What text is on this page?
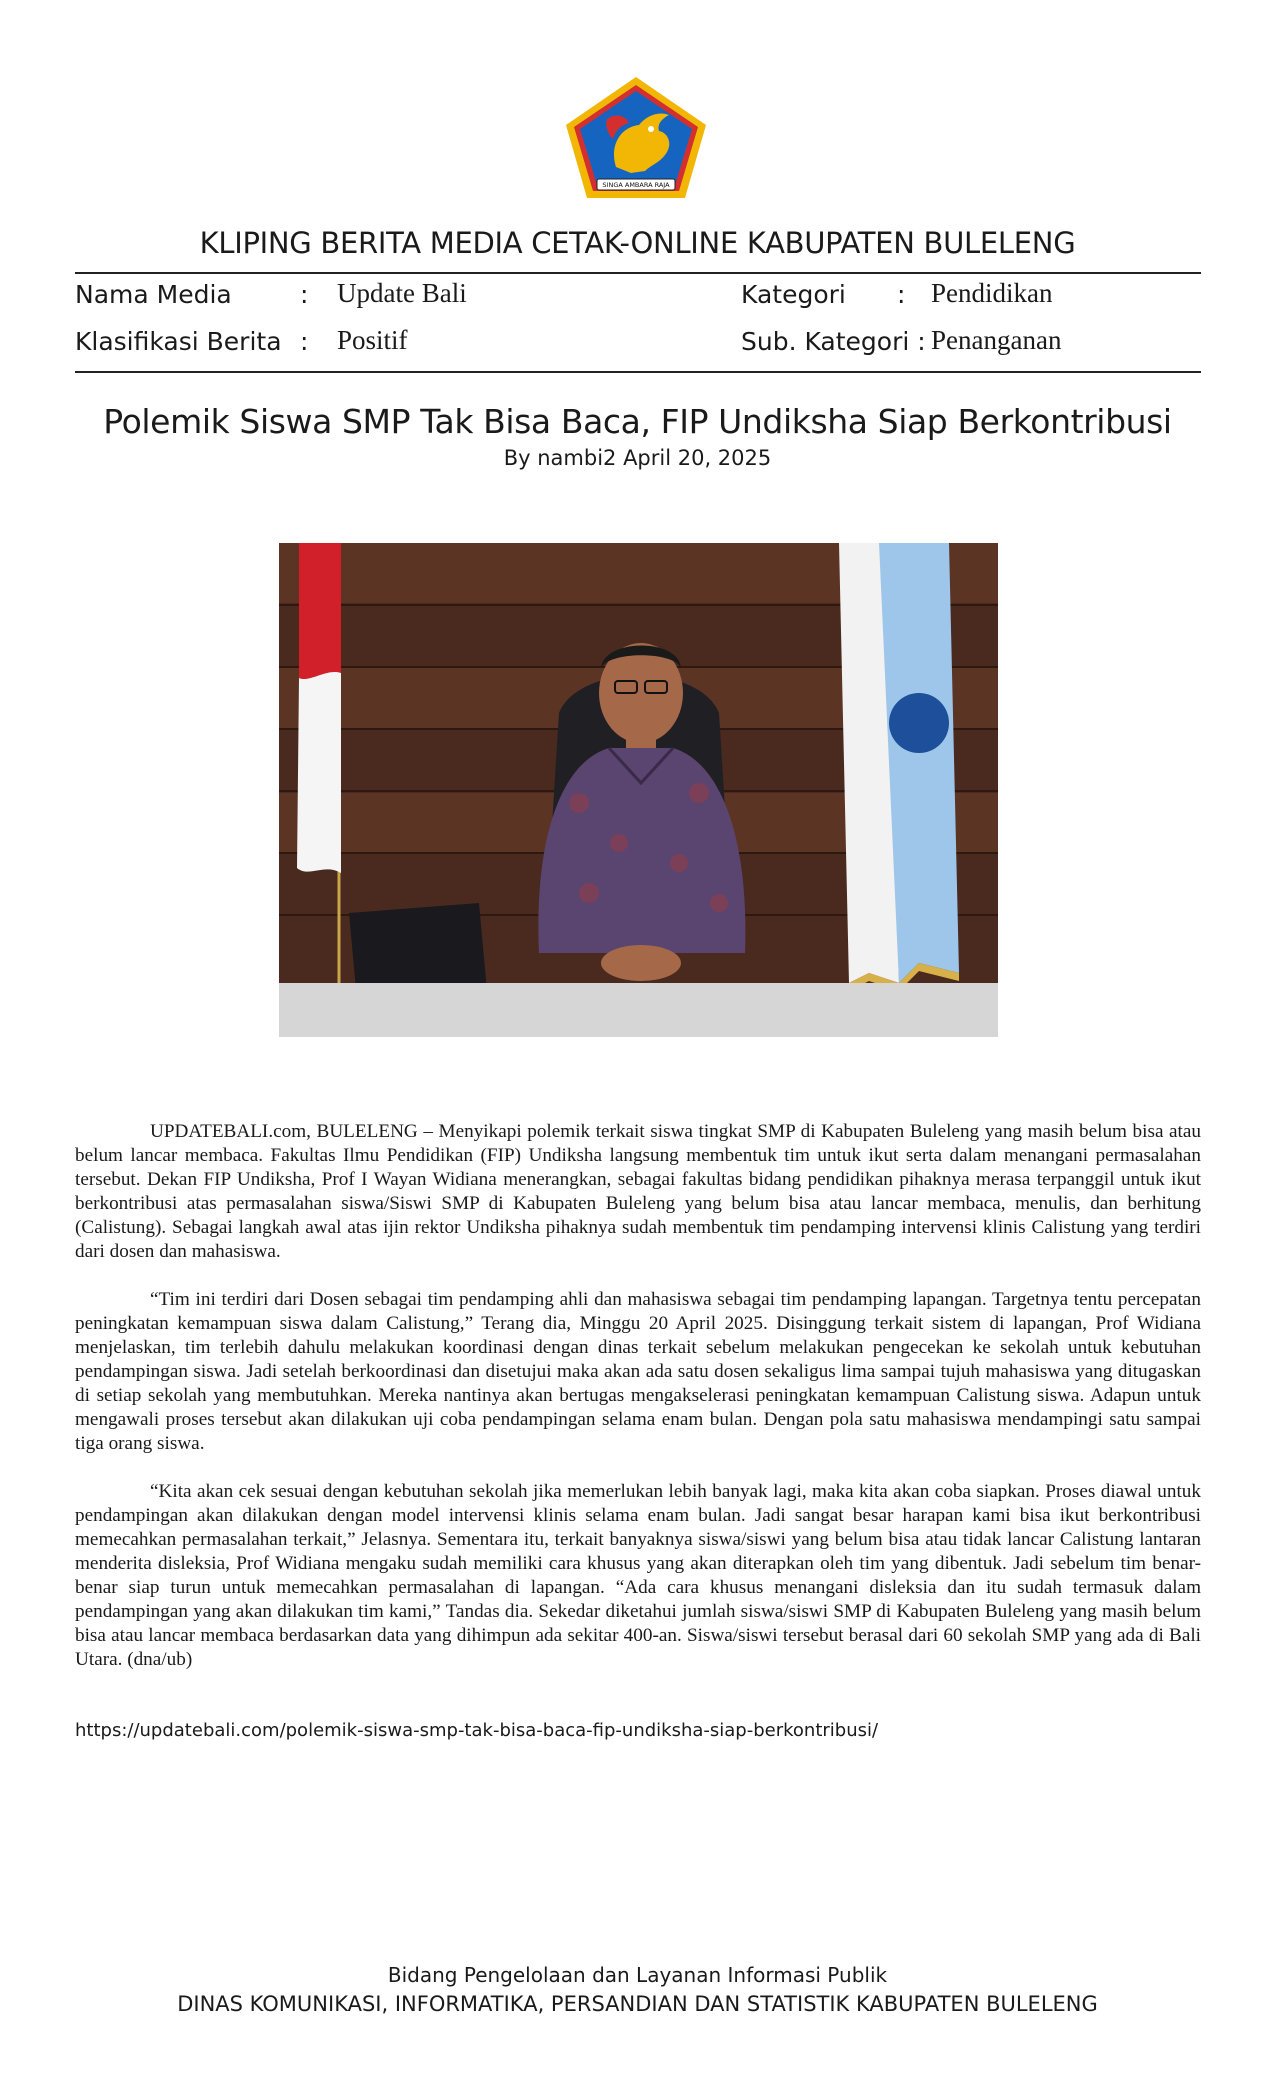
SINGA AMBARA RAJA
KLIPING BERITA MEDIA CETAK-ONLINE KABUPATEN BULELENG
Nama Media	: Update Bali	Kategori : Pendidikan
Klasifikasi Berita : Positif	Sub. Kategori : Penanganan
Polemik Siswa SMP Tak Bisa Baca, FIP Undiksha Siap Berkontribusi
By nambi2 April 20, 2025

UPDATEBALI.com, BULELENG – Menyikapi polemik terkait siswa tingkat SMP di Kabupaten Buleleng yang masih belum bisa atau belum lancar membaca. Fakultas Ilmu Pendidikan (FIP) Undiksha langsung membentuk tim untuk ikut serta dalam menangani permasalahan tersebut. Dekan FIP Undiksha, Prof I Wayan Widiana menerangkan, sebagai fakultas bidang pendidikan pihaknya merasa terpanggil untuk ikut berkontribusi atas permasalahan siswa/Siswi SMP di Kabupaten Buleleng yang belum bisa atau lancar membaca, menulis, dan berhitung (Calistung). Sebagai langkah awal atas ijin rektor Undiksha pihaknya sudah membentuk tim pendamping intervensi klinis Calistung yang terdiri dari dosen dan mahasiswa.

“Tim ini terdiri dari Dosen sebagai tim pendamping ahli dan mahasiswa sebagai tim pendamping lapangan. Targetnya tentu percepatan peningkatan kemampuan siswa dalam Calistung,” Terang dia, Minggu 20 April 2025. Disinggung terkait sistem di lapangan, Prof Widiana menjelaskan, tim terlebih dahulu melakukan koordinasi dengan dinas terkait sebelum melakukan pengecekan ke sekolah untuk kebutuhan pendampingan siswa. Jadi setelah berkoordinasi dan disetujui maka akan ada satu dosen sekaligus lima sampai tujuh mahasiswa yang ditugaskan di setiap sekolah yang membutuhkan. Mereka nantinya akan bertugas mengakselerasi peningkatan kemampuan Calistung siswa. Adapun untuk mengawali proses tersebut akan dilakukan uji coba pendampingan selama enam bulan. Dengan pola satu mahasiswa mendampingi satu sampai tiga orang siswa.

“Kita akan cek sesuai dengan kebutuhan sekolah jika memerlukan lebih banyak lagi, maka kita akan coba siapkan. Proses diawal untuk pendampingan akan dilakukan dengan model intervensi klinis selama enam bulan. Jadi sangat besar harapan kami bisa ikut berkontribusi memecahkan permasalahan terkait,” Jelasnya. Sementara itu, terkait banyaknya siswa/siswi yang belum bisa atau tidak lancar Calistung lantaran menderita disleksia, Prof Widiana mengaku sudah memiliki cara khusus yang akan diterapkan oleh tim yang dibentuk. Jadi sebelum tim benar-benar siap turun untuk memecahkan permasalahan di lapangan. “Ada cara khusus menangani disleksia dan itu sudah termasuk dalam pendampingan yang akan dilakukan tim kami,” Tandas dia. Sekedar diketahui jumlah siswa/siswi SMP di Kabupaten Buleleng yang masih belum bisa atau lancar membaca berdasarkan data yang dihimpun ada sekitar 400-an. Siswa/siswi tersebut berasal dari 60 sekolah SMP yang ada di Bali Utara. (dna/ub)

https://updatebali.com/polemik-siswa-smp-tak-bisa-baca-fip-undiksha-siap-berkontribusi/
Bidang Pengelolaan dan Layanan Informasi Publik
DINAS KOMUNIKASI, INFORMATIKA, PERSANDIAN DAN STATISTIK KABUPATEN BULELENG
